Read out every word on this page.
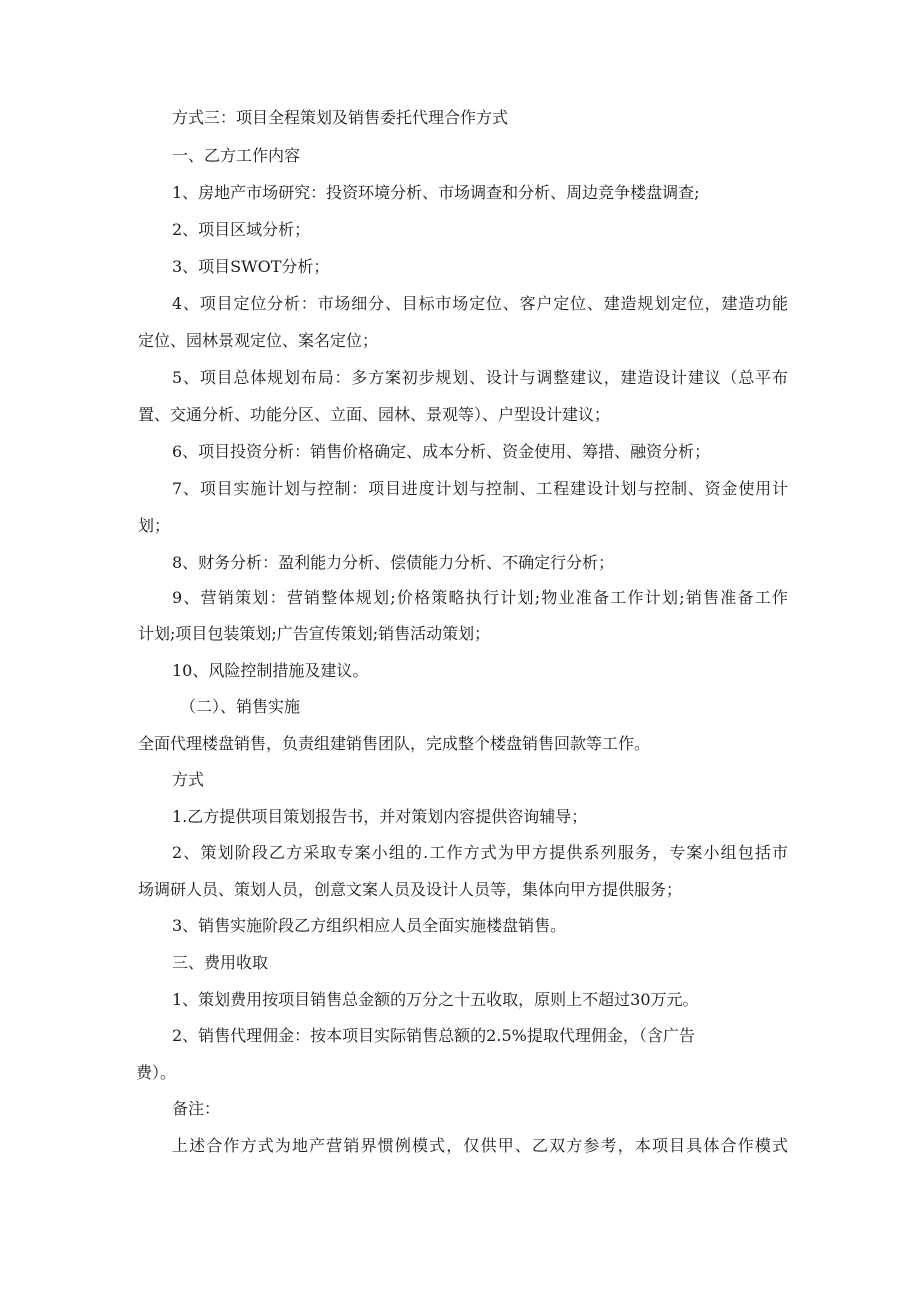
方式三：项目全程策划及销售委托代理合作方式
一、乙方工作内容
1、房地产市场研究：投资环境分析、市场调查和分析、周边竞争楼盘调查;
2、项目区域分析；
3、项目SWOT分析；
4、项目定位分析：市场细分、目标市场定位、客户定位、建造规划定位，建造功能
定位、园林景观定位、案名定位；
5、项目总体规划布局：多方案初步规划、设计与调整建议，建造设计建议（总平布
置、交通分析、功能分区、立面、园林、景观等）、户型设计建议；
6、项目投资分析：销售价格确定、成本分析、资金使用、筹措、融资分析；
7、项目实施计划与控制：项目进度计划与控制、工程建设计划与控制、资金使用计
划；
8、财务分析：盈利能力分析、偿债能力分析、不确定行分析；
9、营销策划：营销整体规划;价格策略执行计划;物业准备工作计划;销售准备工作
计划;项目包装策划;广告宣传策划;销售活动策划；
10、风险控制措施及建议。
（二）、销售实施
全面代理楼盘销售，负责组建销售团队，完成整个楼盘销售回款等工作。
方式
1.乙方提供项目策划报告书，并对策划内容提供咨询辅导；
2、策划阶段乙方采取专案小组的.工作方式为甲方提供系列服务，专案小组包括市
场调研人员、策划人员，创意文案人员及设计人员等，集体向甲方提供服务；
3、销售实施阶段乙方组织相应人员全面实施楼盘销售。
三、费用收取
1、策划费用按项目销售总金额的万分之十五收取，原则上不超过30万元。
2、销售代理佣金：按本项目实际销售总额的2.5%提取代理佣金，（含广告
费）。
备注：
上述合作方式为地产营销界惯例模式，仅供甲、乙双方参考，本项目具体合作模式
